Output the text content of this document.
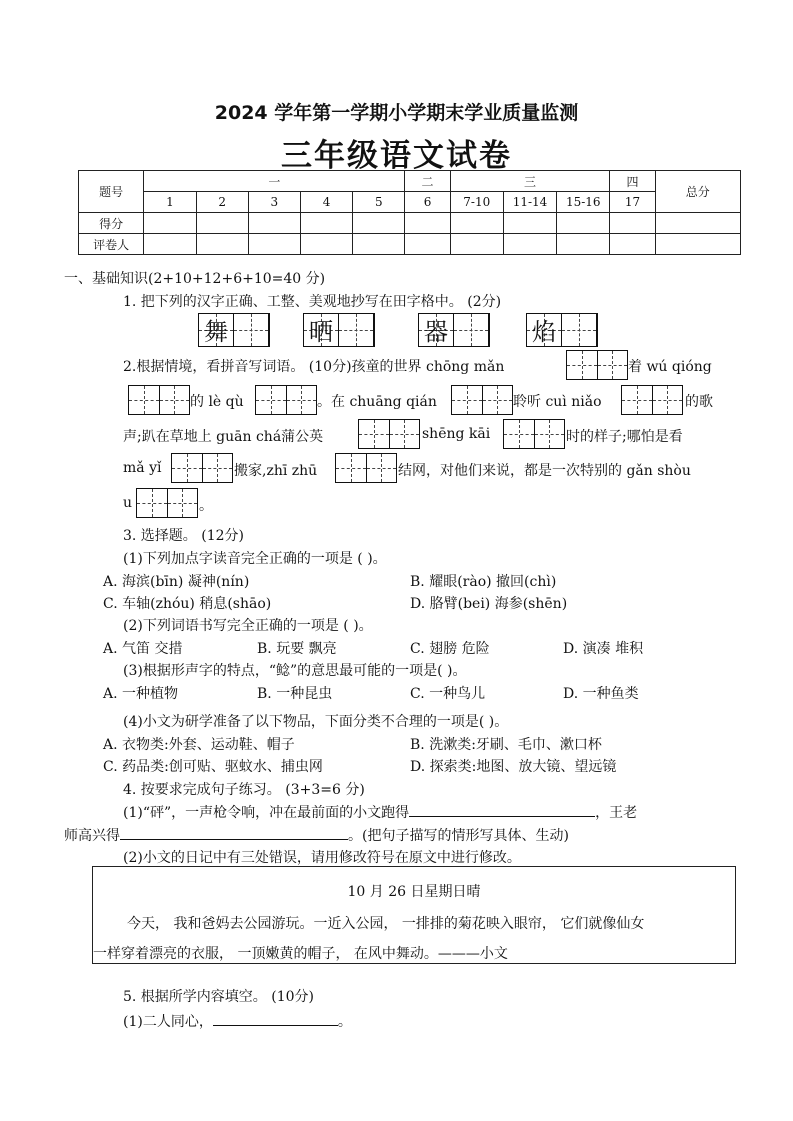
2024 学年第一学期小学期末学业质量监测
三年级语文试卷
题号	一					二	三			四	总分
	1	2	3	4	5	6	7-10	11-14	15-16	17	
得分											
评卷人											
一、基础知识(2+10+12+6+10=40 分)
1. 把下列的汉字正确、工整、美观地抄写在田字格中。 (2分)
舞	晒	器	焰
2.根据情境，看拼音写词语。 (10分)孩童的世界 chōng mǎn	着 wú qióng
的 lè qù	。在 chuāng qián	聆听 cuì niǎo	的歌
声;趴在草地上 guān chá蒲公英	shēng kāi	时的样子;哪怕是看
mǎ yǐ	搬家,zhī zhū	结网，对他们来说，都是一次特别的 gǎn shòu
u	。
3. 选择题。 (12分)
(1)下列加点字读音完全正确的一项是 ( )。
A. 海滨(bīn) 凝神(nín)	B. 耀眼(rào) 撤回(chì)
C. 车轴(zhóu) 稍息(shāo)	D. 胳臂(bei) 海参(shēn)
(2)下列词语书写完全正确的一项是 ( )。
A. 气笛 交措	B. 玩要 飘亮	C. 翅膀 危险	D. 演凑 堆积
(3)根据形声字的特点，“鲶”的意思最可能的一项是( )。
A. 一种植物	B. 一种昆虫	C. 一种鸟儿	D. 一种鱼类
(4)小文为研学准备了以下物品，下面分类不合理的一项是( )。
A. 衣物类:外套、运动鞋、帽子	B. 洗漱类:牙刷、毛巾、漱口杯
C. 药品类:创可贴、驱蚊水、捕虫网	D. 探索类:地图、放大镜、望远镜
4. 按要求完成句子练习。 (3+3=6 分)
(1)“砰”，一声枪令响，冲在最前面的小文跑得	，王老
师高兴得	。(把句子描写的情形写具体、生动)
(2)小文的日记中有三处错误，请用修改符号在原文中进行修改。
10 月 26 日星期日晴
今天， 我和爸妈去公园游玩。一近入公园， 一排排的菊花映入眼帘， 它们就像仙女
一样穿着漂亮的衣服， 一顶嫩黄的帽子， 在风中舞动。———小文
5. 根据所学内容填空。 (10分)
(1)二人同心，	。
